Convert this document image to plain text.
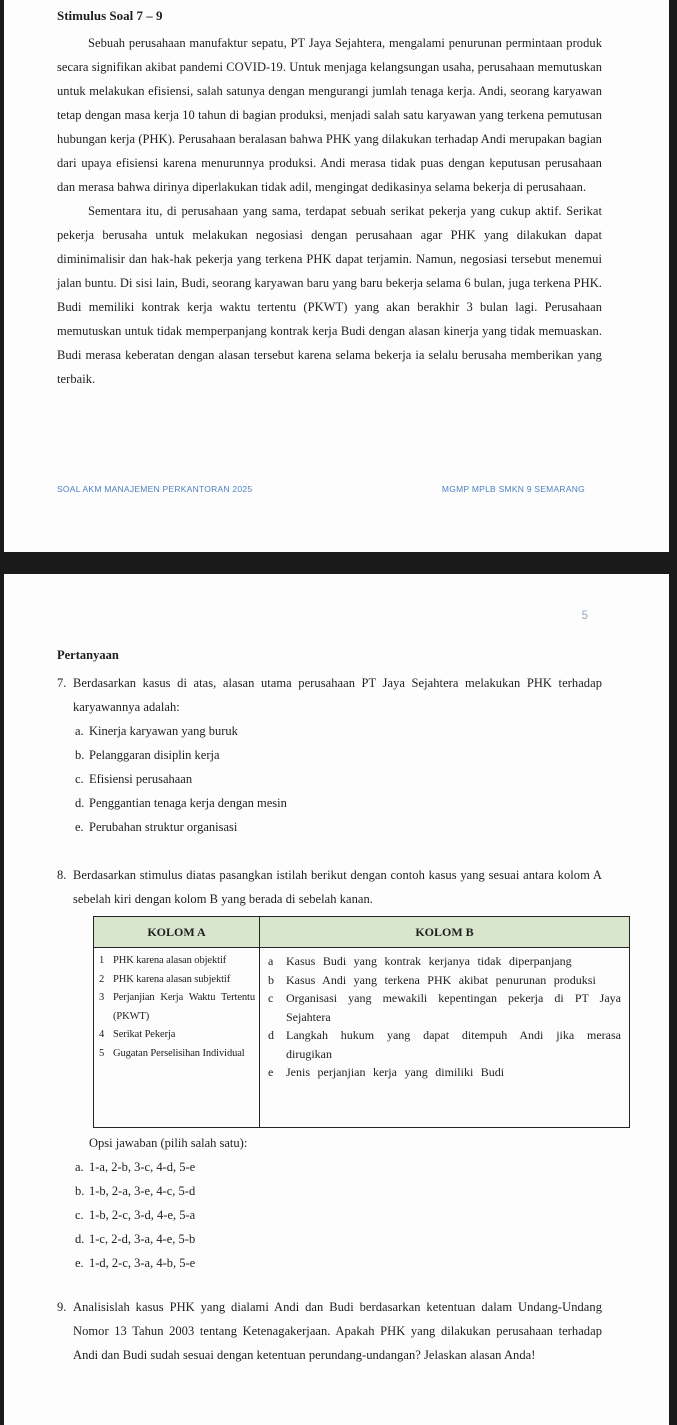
Stimulus Soal 7 – 9

Sebuah perusahaan manufaktur sepatu, PT Jaya Sejahtera, mengalami penurunan permintaan produk secara signifikan akibat pandemi COVID-19. Untuk menjaga kelangsungan usaha, perusahaan memutuskan untuk melakukan efisiensi, salah satunya dengan mengurangi jumlah tenaga kerja. Andi, seorang karyawan tetap dengan masa kerja 10 tahun di bagian produksi, menjadi salah satu karyawan yang terkena pemutusan hubungan kerja (PHK). Perusahaan beralasan bahwa PHK yang dilakukan terhadap Andi merupakan bagian dari upaya efisiensi karena menurunnya produksi. Andi merasa tidak puas dengan keputusan perusahaan dan merasa bahwa dirinya diperlakukan tidak adil, mengingat dedikasinya selama bekerja di perusahaan.

Sementara itu, di perusahaan yang sama, terdapat sebuah serikat pekerja yang cukup aktif. Serikat pekerja berusaha untuk melakukan negosiasi dengan perusahaan agar PHK yang dilakukan dapat diminimalisir dan hak-hak pekerja yang terkena PHK dapat terjamin. Namun, negosiasi tersebut menemui jalan buntu. Di sisi lain, Budi, seorang karyawan baru yang baru bekerja selama 6 bulan, juga terkena PHK. Budi memiliki kontrak kerja waktu tertentu (PKWT) yang akan berakhir 3 bulan lagi. Perusahaan memutuskan untuk tidak memperpanjang kontrak kerja Budi dengan alasan kinerja yang tidak memuaskan. Budi merasa keberatan dengan alasan tersebut karena selama bekerja ia selalu berusaha memberikan yang terbaik.

SOAL AKM MANAJEMEN PERKANTORAN 2025	MGMP MPLB SMKN 9 SEMARANG
5
Pertanyaan
7. Berdasarkan kasus di atas, alasan utama perusahaan PT Jaya Sejahtera melakukan PHK terhadap karyawannya adalah:
a. Kinerja karyawan yang buruk
b. Pelanggaran disiplin kerja
c. Efisiensi perusahaan
d. Penggantian tenaga kerja dengan mesin
e. Perubahan struktur organisasi
8. Berdasarkan stimulus diatas pasangkan istilah berikut dengan contoh kasus yang sesuai antara kolom A sebelah kiri dengan kolom B yang berada di sebelah kanan.
KOLOM A	KOLOM B

1 PHK karena alasan objektif
2 PHK karena alasan subjektif
3 Perjanjian Kerja Waktu Tertentu (PKWT)
4 Serikat Pekerja
5 Gugatan Perselisihan Individual

a	Kasus Budi yang kontrak kerjanya tidak diperpanjang
b	Kasus Andi yang terkena PHK akibat penurunan produksi
c	Organisasi yang mewakili kepentingan pekerja di PT Jaya Sejahtera
d	Langkah hukum yang dapat ditempuh Andi jika merasa dirugikan
e	Jenis perjanjian kerja yang dimiliki Budi
Opsi jawaban (pilih salah satu):
a. 1-a, 2-b, 3-c, 4-d, 5-e
b. 1-b, 2-a, 3-e, 4-c, 5-d
c. 1-b, 2-c, 3-d, 4-e, 5-a
d. 1-c, 2-d, 3-a, 4-e, 5-b
e. 1-d, 2-c, 3-a, 4-b, 5-e
9. Analisislah kasus PHK yang dialami Andi dan Budi berdasarkan ketentuan dalam Undang-Undang Nomor 13 Tahun 2003 tentang Ketenagakerjaan. Apakah PHK yang dilakukan perusahaan terhadap Andi dan Budi sudah sesuai dengan ketentuan perundang-undangan? Jelaskan alasan Anda!
